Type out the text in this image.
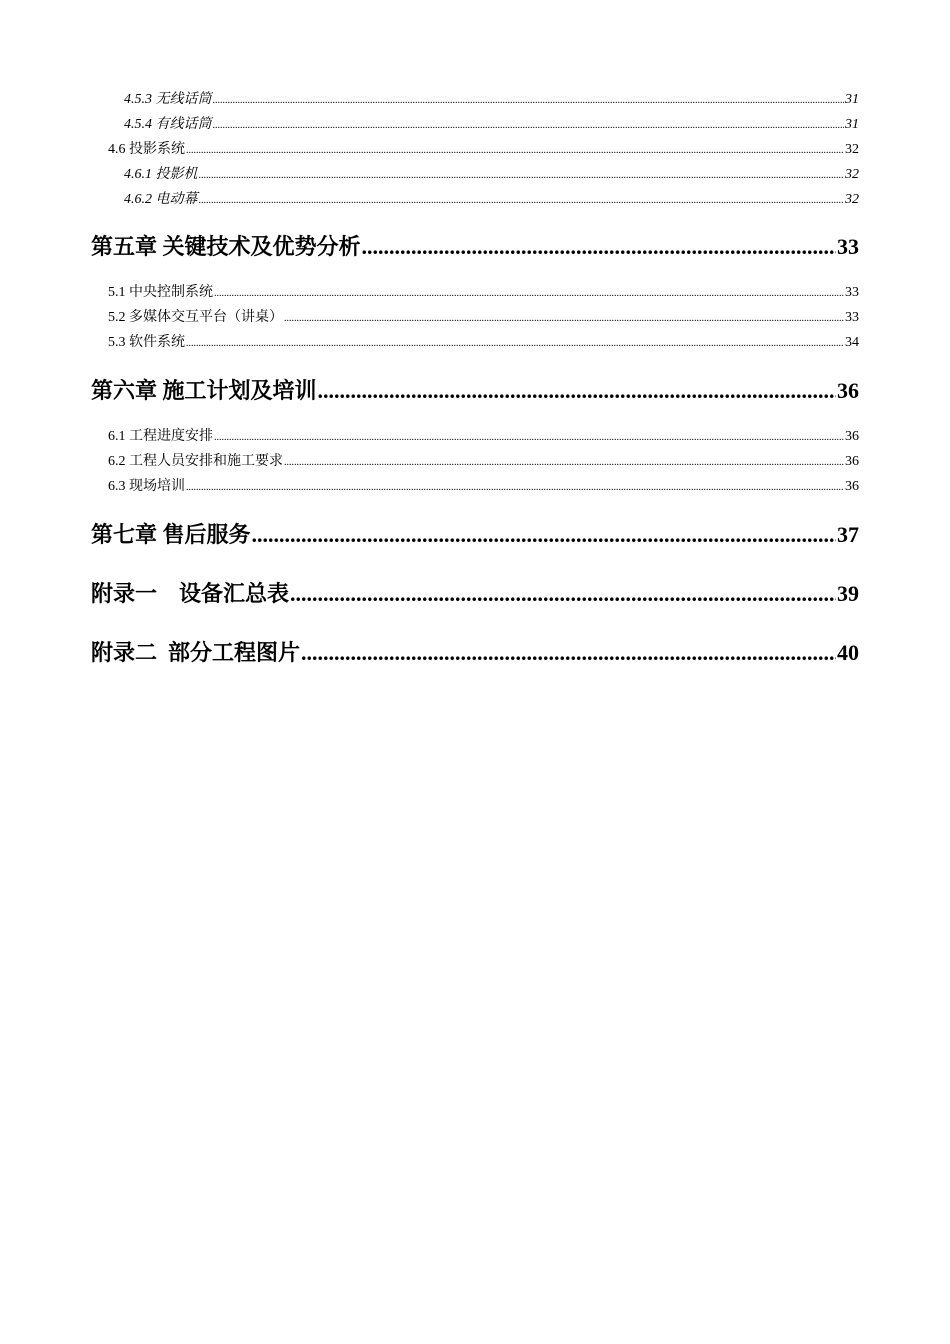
4.5.3 无线话筒 .....	31
4.5.4 有线话筒 .....	31
4.6 投影系统 .....	32
4.6.1 投影机 .....	32
4.6.2 电动幕 .....	32
第五章 关键技术及优势分析 .....	33
5.1 中央控制系统 .....	33
5.2 多媒体交互平台（讲桌） .....	33
5.3 软件系统 .....	34
第六章 施工计划及培训 .....	36
6.1 工程进度安排 .....	36
6.2 工程人员安排和施工要求 .....	36
6.3 现场培训 .....	36
第七章 售后服务 .....	37
附录一    设备汇总表 .....	39
附录二  部分工程图片 .....	40
